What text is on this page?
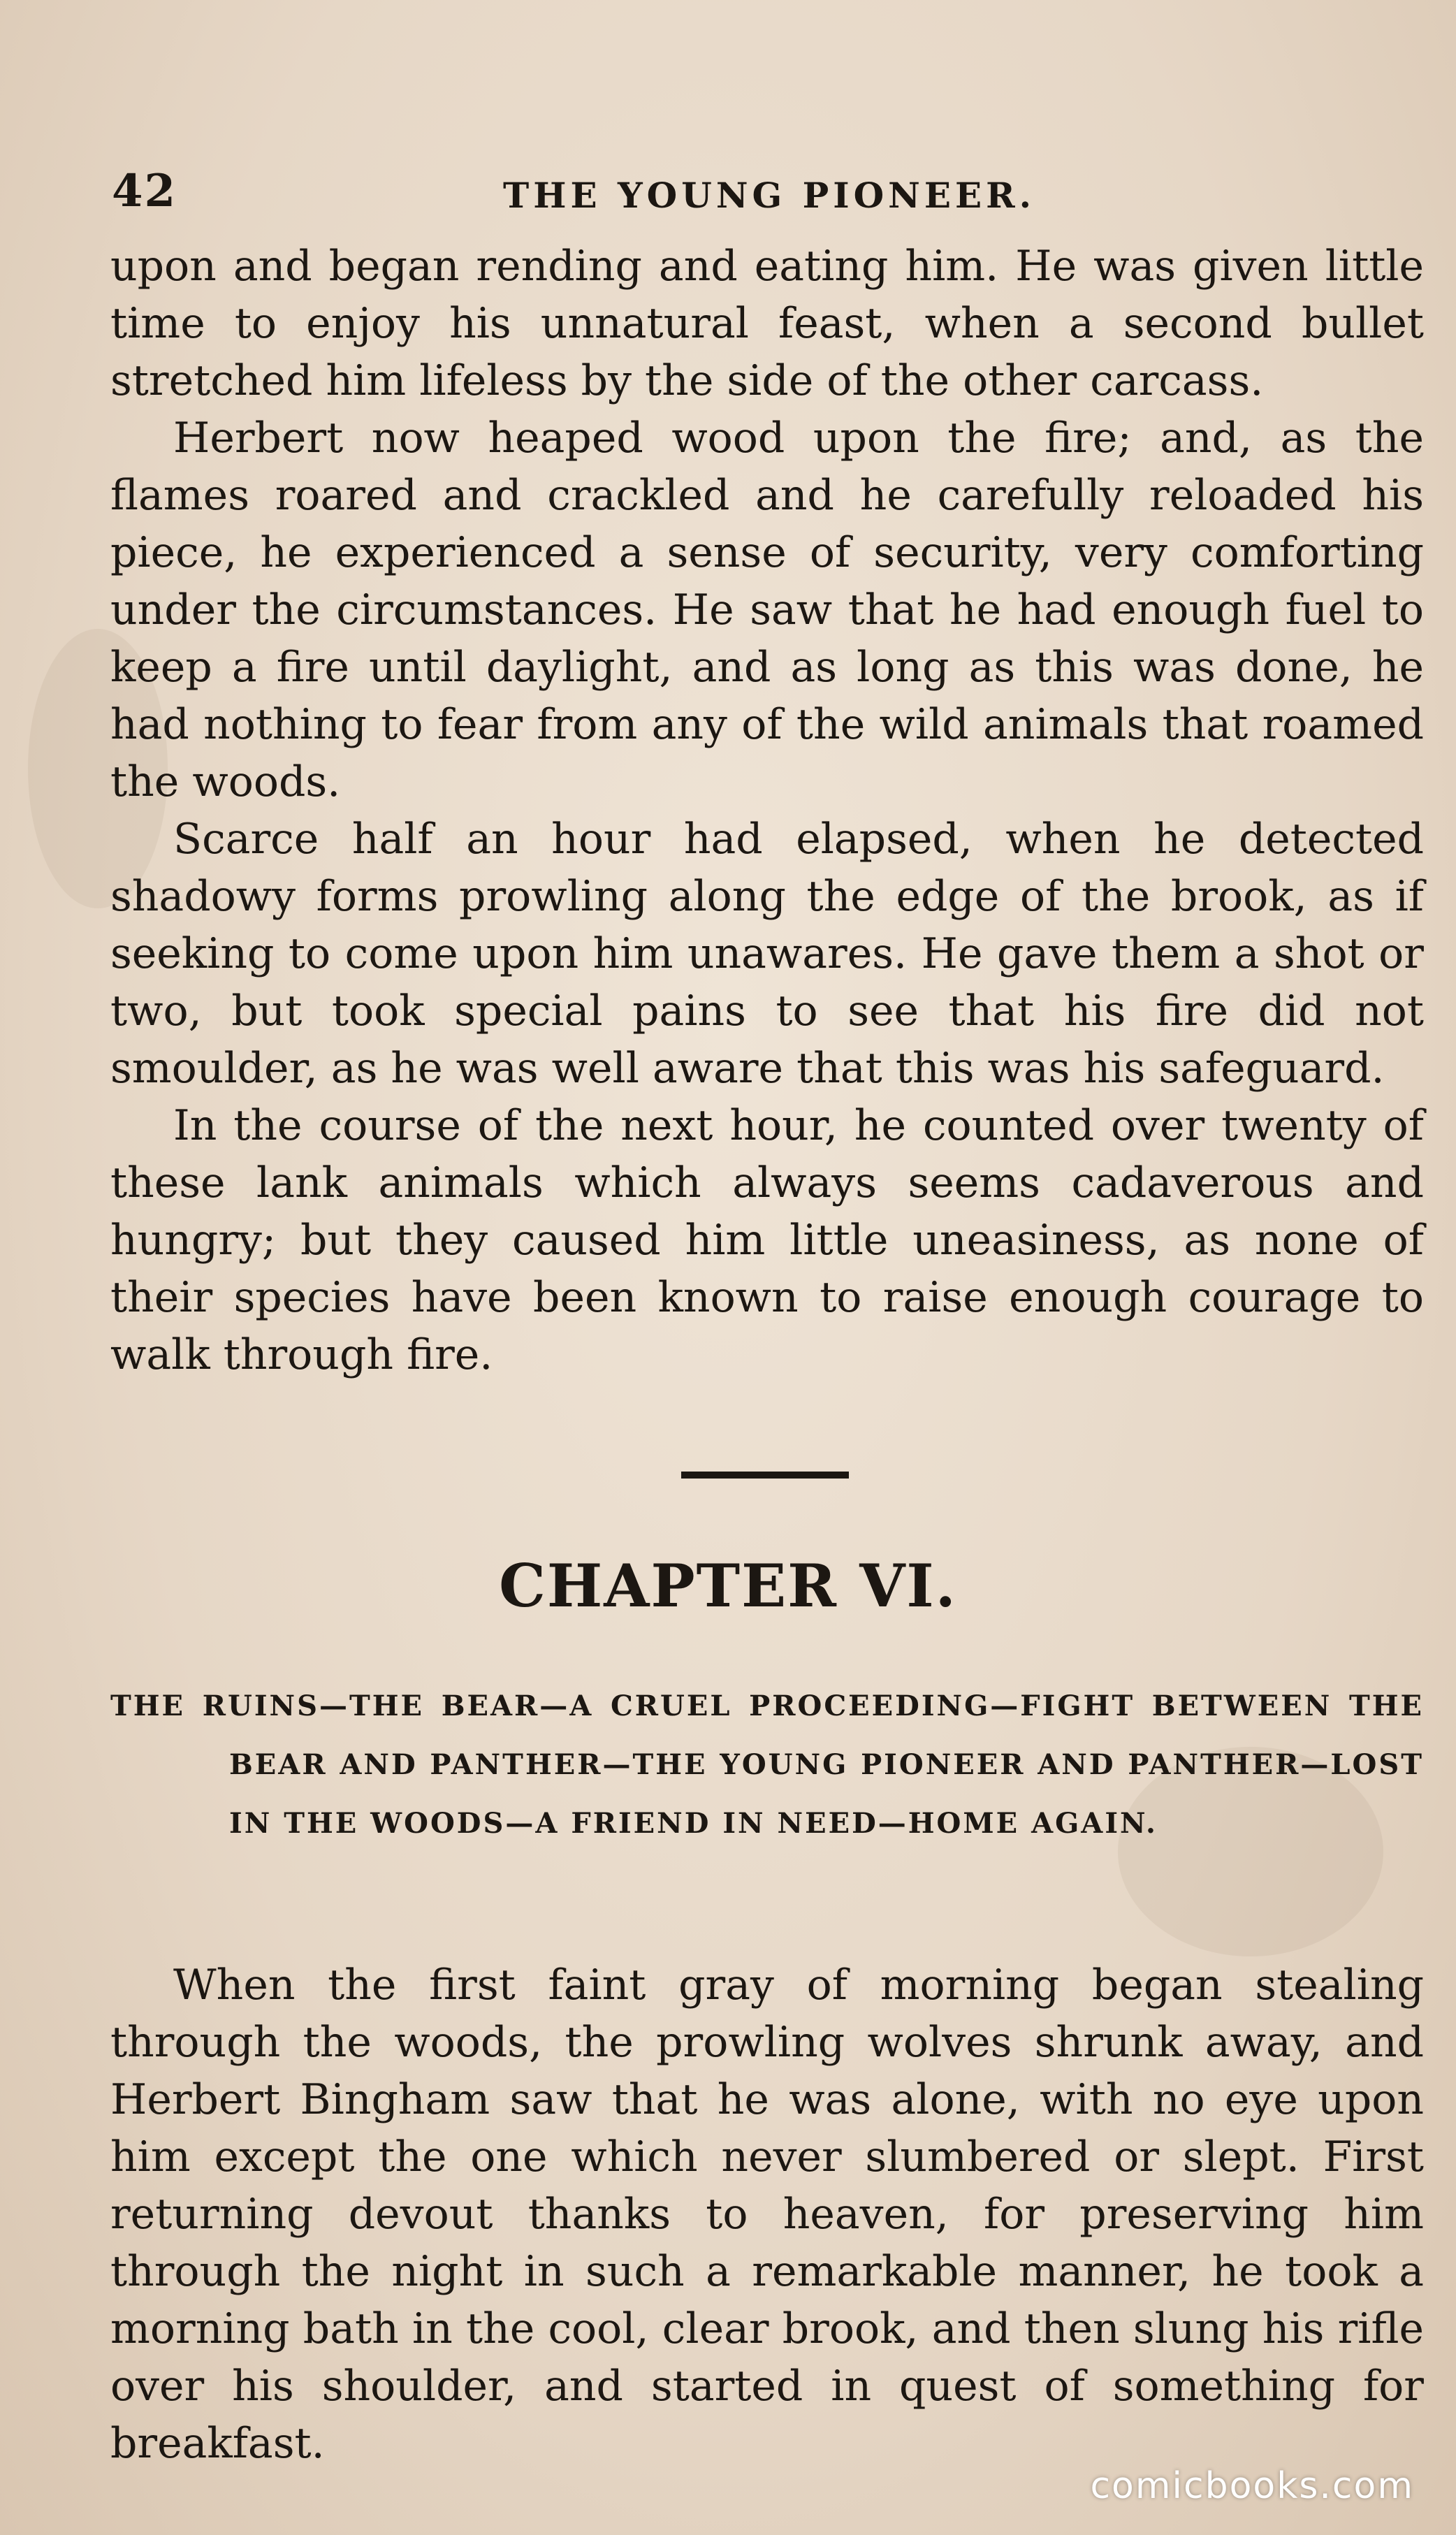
42	THE YOUNG PIONEER.

upon and began rending and eating him. He was given little time to enjoy his unnatural feast, when a second bullet stretched him lifeless by the side of the other carcass.

Herbert now heaped wood upon the fire; and, as the flames roared and crackled and he carefully reloaded his piece, he experienced a sense of security, very comforting under the circumstances. He saw that he had enough fuel to keep a fire until daylight, and as long as this was done, he had nothing to fear from any of the wild animals that roamed the woods.

Scarce half an hour had elapsed, when he detected shadowy forms prowling along the edge of the brook, as if seeking to come upon him unawares. He gave them a shot or two, but took special pains to see that his fire did not smoulder, as he was well aware that this was his safeguard.

In the course of the next hour, he counted over twenty of these lank animals which always seems cadaverous and hungry; but they caused him little uneasiness, as none of their species have been known to raise enough courage to walk through fire.

CHAPTER VI.
THE RUINS—THE BEAR—A CRUEL PROCEEDING—FIGHT BETWEEN THE BEAR AND PANTHER—THE YOUNG PIONEER AND PANTHER—LOST IN THE WOODS—A FRIEND IN NEED—HOME AGAIN.

When the first faint gray of morning began stealing through the woods, the prowling wolves shrunk away, and Herbert Bingham saw that he was alone, with no eye upon him except the one which never slumbered or slept. First returning devout thanks to heaven, for preserving him through the night in such a remarkable manner, he took a morning bath in the cool, clear brook, and then slung his rifle over his shoulder, and started in quest of something for breakfast.

comicbooks.com
